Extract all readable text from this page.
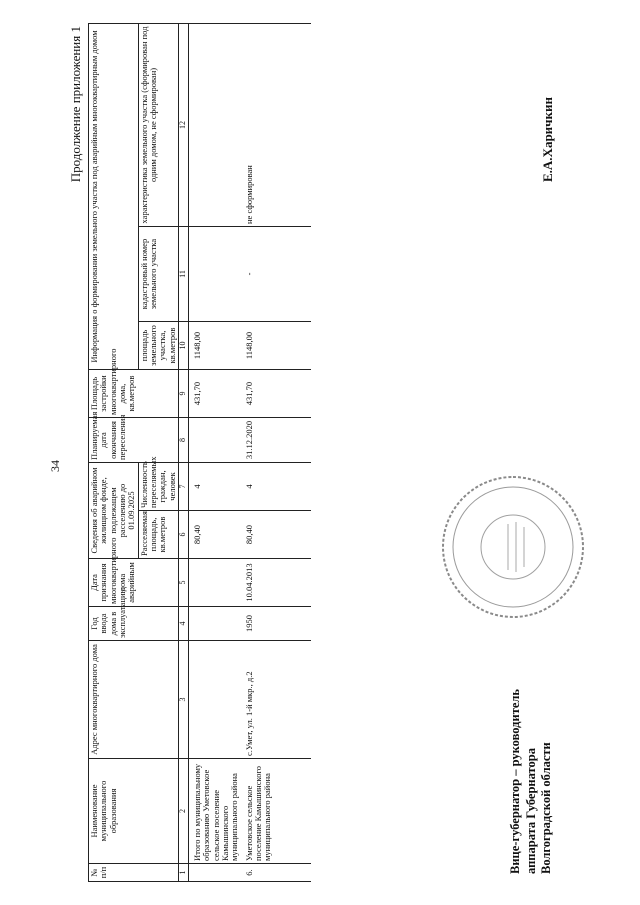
34
Продолжение приложения 1
№ п/п	Наименование муниципального образования	Адрес многоквартирного дома	Год ввода дома в эксплуатацию	Дата признания многоквартирного дома аварийным	Сведения об аварийном жилищном фонде, подлежащем расселению до 01.09.2025		Планируемая дата окончания переселения	Площадь застройки многоквартирного дома, кв.метров	Информация о формировании земельного участка под аварийным многоквартирным домом		
					Расселяемая площадь, кв.метров	Численность переселяемых граждан, человек			площадь земельного участка, кв.метров	кадастровый номер земельного участка	характеристика земельного участка (сформирован под одним домом, не сформирован)
1	2	3	4	5	6	7	8	9	10	11	12
	Итого по муниципальному образованию Уметовское сельское поселение Камышинского муниципального района				80,40	4		431,70	1148,00		
6.	Уметовское сельское поселение Камышинского муниципального района	с.Умет, ул. 1-й мкр., д.2	1950	10.04.2013	80,40	4	31.12.2020	431,70	1148,00	-	не сформирован
Вице-губернатор – руководитель аппарата Губернатора Волгоградской области
Е.А.Харичкин
